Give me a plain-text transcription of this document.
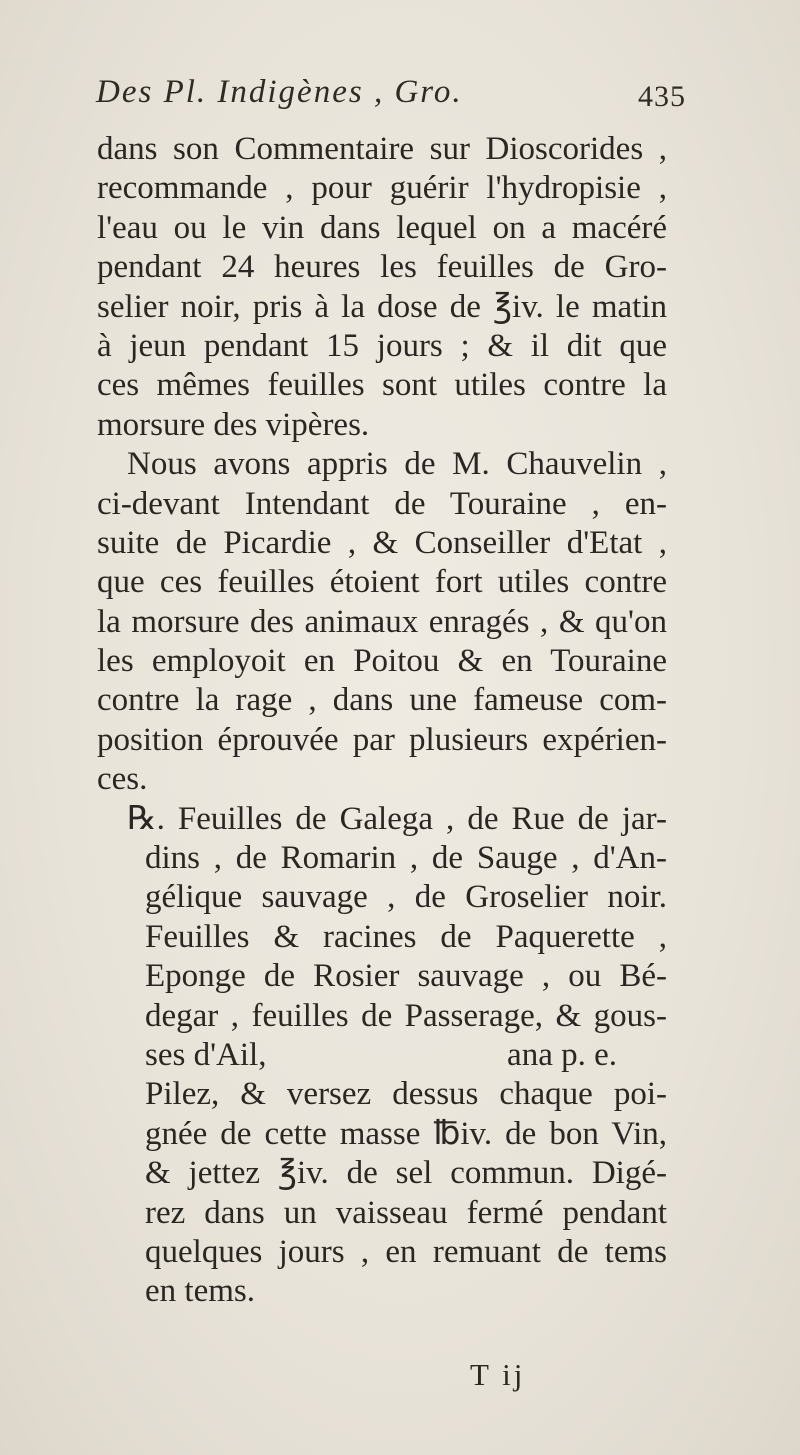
Des Pl. Indigènes , Gro.	435
dans son Commentaire sur Dioscorides ,
recommande , pour guérir l'hydropisie ,
l'eau ou le vin dans lequel on a macéré
pendant 24 heures les feuilles de Gro-
selier noir, pris à la dose de ℥iv. le matin
à jeun pendant 15 jours ; & il dit que
ces mêmes feuilles sont utiles contre la
morsure des vipères.
Nous avons appris de M. Chauvelin ,
ci-devant Intendant de Touraine , en-
suite de Picardie , & Conseiller d'Etat ,
que ces feuilles étoient fort utiles contre
la morsure des animaux enragés , & qu'on
les employoit en Poitou & en Touraine
contre la rage , dans une fameuse com-
position éprouvée par plusieurs expérien-
ces.
℞. Feuilles de Galega , de Rue de jar-
dins , de Romarin , de Sauge , d'An-
gélique sauvage , de Groselier noir.
Feuilles & racines de Paquerette ,
Eponge de Rosier sauvage , ou Bé-
degar , feuilles de Passerage, & gous-
ses d'Ail,	ana p. e.
Pilez, & versez dessus chaque poi-
gnée de cette masse ℔iv. de bon Vin,
& jettez ℥iv. de sel commun. Digé-
rez dans un vaisseau fermé pendant
quelques jours , en remuant de tems
en tems.
T ij
